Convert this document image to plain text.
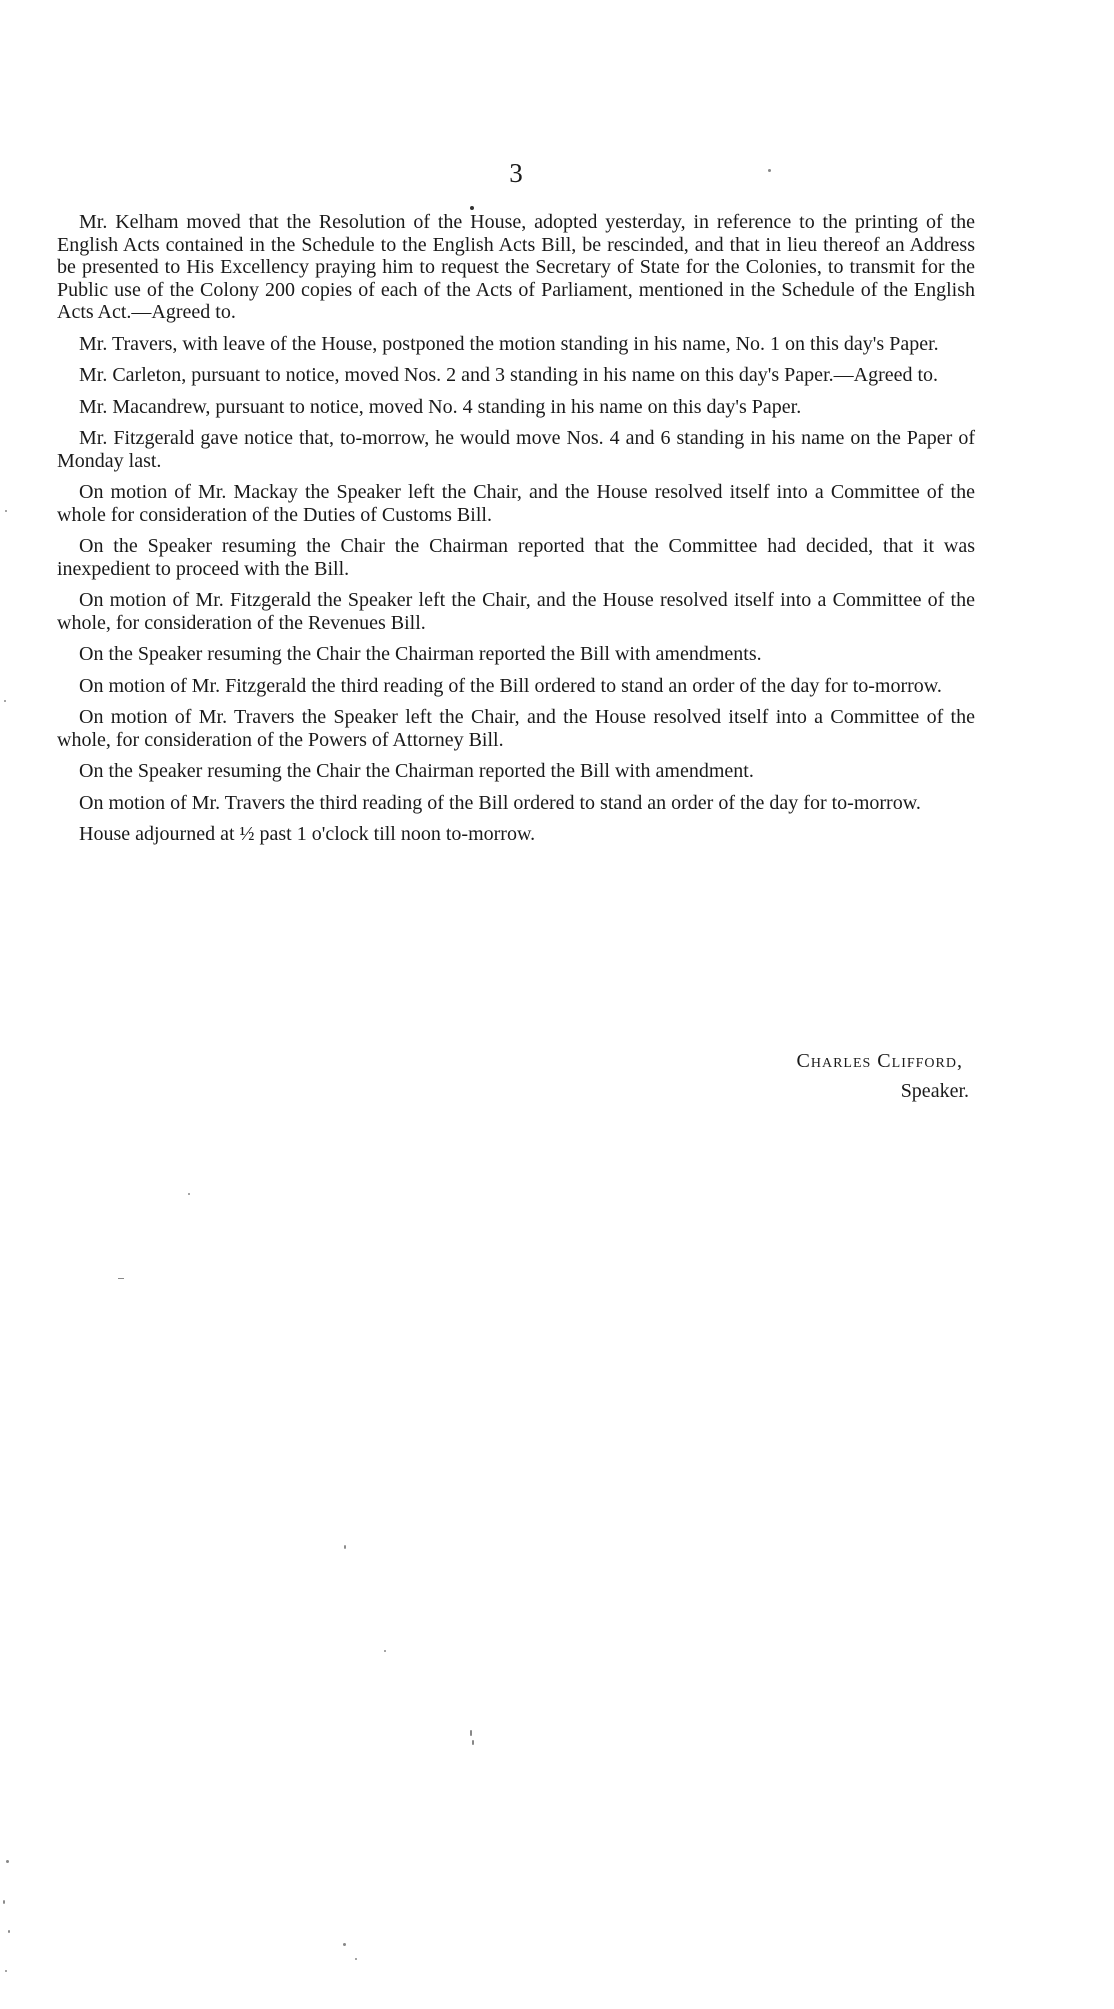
3

Mr. Kelham moved that the Resolution of the House, adopted yesterday, in reference to the printing of the English Acts contained in the Schedule to the English Acts Bill, be rescinded, and that in lieu thereof an Address be presented to His Excellency praying him to request the Secretary of State for the Colonies, to transmit for the Public use of the Colony 200 copies of each of the Acts of Parliament, mentioned in the Schedule of the English Acts Act.—Agreed to.

Mr. Travers, with leave of the House, postponed the motion standing in his name, No. 1 on this day's Paper.

Mr. Carleton, pursuant to notice, moved Nos. 2 and 3 standing in his name on this day's Paper.—Agreed to.

Mr. Macandrew, pursuant to notice, moved No. 4 standing in his name on this day's Paper.

Mr. Fitzgerald gave notice that, to-morrow, he would move Nos. 4 and 6 standing in his name on the Paper of Monday last.

On motion of Mr. Mackay the Speaker left the Chair, and the House resolved itself into a Committee of the whole for consideration of the Duties of Customs Bill.

On the Speaker resuming the Chair the Chairman reported that the Committee had decided, that it was inexpedient to proceed with the Bill.

On motion of Mr. Fitzgerald the Speaker left the Chair, and the House resolved itself into a Committee of the whole, for consideration of the Revenues Bill.

On the Speaker resuming the Chair the Chairman reported the Bill with amendments.

On motion of Mr. Fitzgerald the third reading of the Bill ordered to stand an order of the day for to-morrow.

On motion of Mr. Travers the Speaker left the Chair, and the House resolved itself into a Committee of the whole, for consideration of the Powers of Attorney Bill.

On the Speaker resuming the Chair the Chairman reported the Bill with amendment.

On motion of Mr. Travers the third reading of the Bill ordered to stand an order of the day for to-morrow.

House adjourned at ½ past 1 o'clock till noon to-morrow.

Charles Clifford,
Speaker.
